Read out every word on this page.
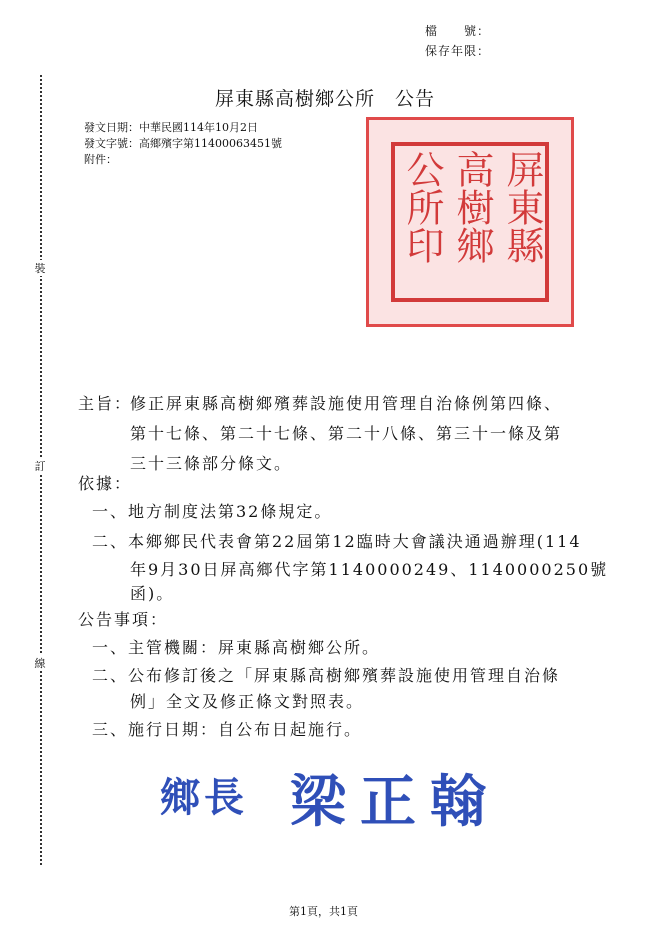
檔　　號：
保存年限：
裝
訂
線
屏東縣高樹鄉公所　公告
發文日期：中華民國114年10月2日
發文字號：高鄉殯字第11400063451號
附件：	屏東縣
高樹鄉
公所印
主旨：
修正屏東縣高樹鄉殯葬設施使用管理自治條例第四條、
第十七條、第二十七條、第二十八條、第三十一條及第
三十三條部分條文。
依據：
一、地方制度法第32條規定。
二、本鄉鄉民代表會第22屆第12臨時大會議決通過辦理(114
年9月30日屏高鄉代字第1140000249、1140000250號
函)。
公告事項：
一、主管機關：屏東縣高樹鄉公所。
二、公布修訂後之「屏東縣高樹鄉殯葬設施使用管理自治條
例」全文及修正條文對照表。
三、施行日期：自公布日起施行。
鄉長 梁正翰
第1頁，共1頁
